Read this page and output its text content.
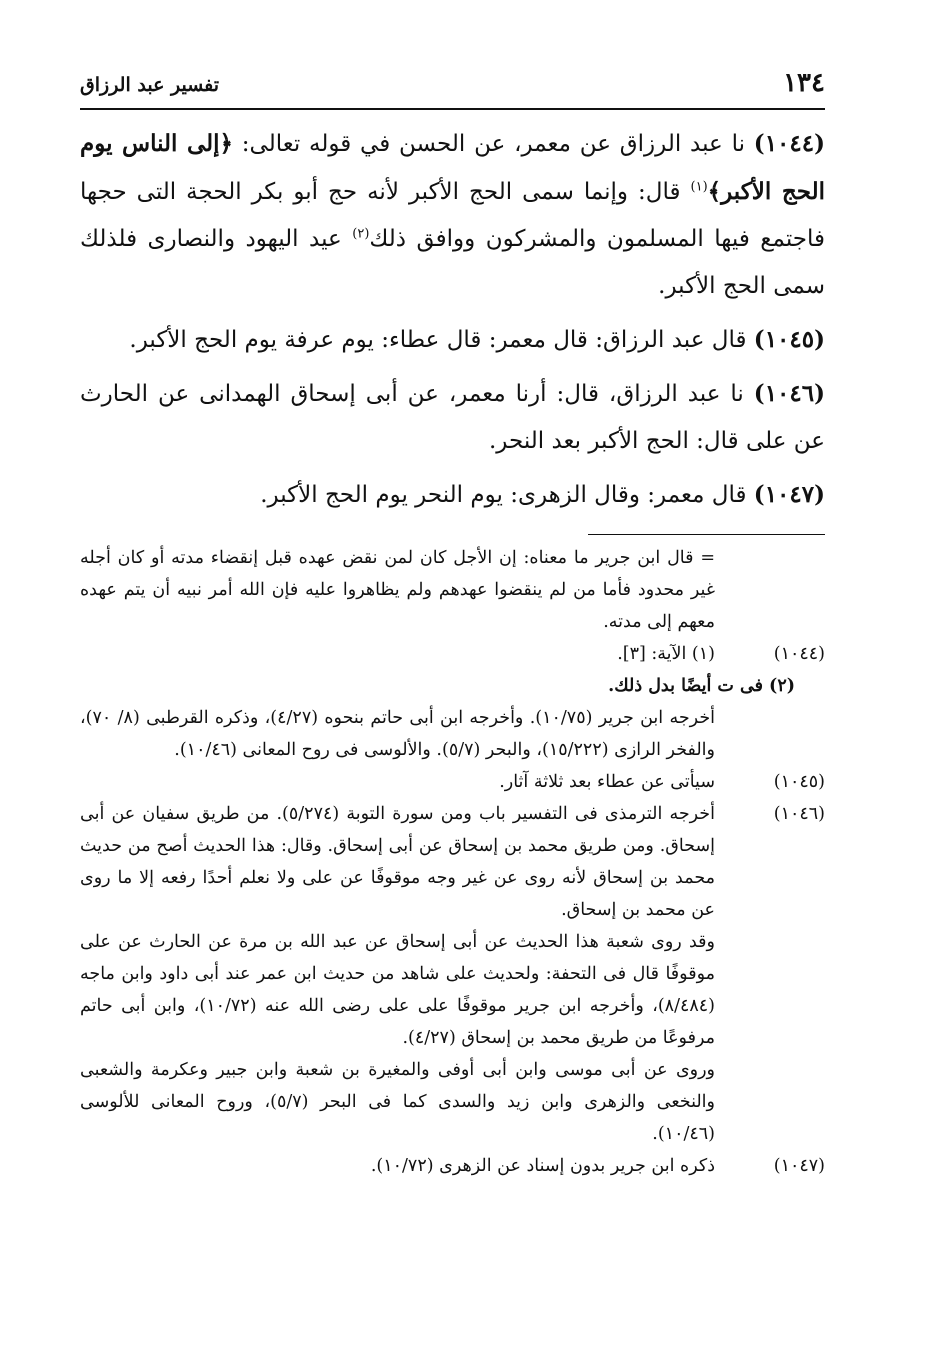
١٣٤
تفسير عبد الرزاق

(١٠٤٤) نا عبد الرزاق عن معمر، عن الحسن في قوله تعالى: ﴿إلى الناس يوم الحج الأكبر﴾$^{(١)}$ قال: وإنما سمى الحج الأكبر لأنه حج أبو بكر الحجة التى حجها فاجتمع فيها المسلمون والمشركون ووافق ذلك$^{(٢)}$ عيد اليهود والنصارى فلذلك سمى الحج الأكبر.

(١٠٤٥) قال عبد الرزاق: قال معمر: قال عطاء: يوم عرفة يوم الحج الأكبر.

(١٠٤٦) نا عبد الرزاق، قال: أرنا معمر، عن أبى إسحاق الهمدانى عن الحارث عن على قال: الحج الأكبر بعد النحر.

(١٠٤٧) قال معمر: وقال الزهرى: يوم النحر يوم الحج الأكبر.

= قال ابن جرير ما معناه: إن الأجل كان لمن نقض عهده قبل إنقضاء مدته أو كان أجله غير محدود فأما من لم ينقضوا عهدهم ولم يظاهروا عليه فإن الله أمر نبيه أن يتم عهده معهم إلى مدته.
(١٠٤٤)
(١) الآية: [٣].
(٢) فى ت أيضًا بدل ذلك.
أخرجه ابن جرير (١٠/٧٥). وأخرجه ابن أبى حاتم بنحوه (٤/٢٧)، وذكره القرطبى (٨/ ٧٠)، والفخر الرازى (١٥/٢٢٢)، والبحر (٥/٧). والألوسى فى روح المعانى (١٠/٤٦).
(١٠٤٥)
سيأتى عن عطاء بعد ثلاثة آثار.
(١٠٤٦)
أخرجه الترمذى فى التفسير باب ومن سورة التوبة (٥/٢٧٤). من طريق سفيان عن أبى إسحاق. ومن طريق محمد بن إسحاق عن أبى إسحاق. وقال: هذا الحديث أصح من حديث محمد بن إسحاق لأنه روى عن غير وجه موقوفًا عن على ولا نعلم أحدًا رفعه إلا ما روى عن محمد بن إسحاق.
وقد روى شعبة هذا الحديث عن أبى إسحاق عن عبد الله بن مرة عن الحارث عن على موقوفًا قال فى التحفة: ولحديث على شاهد من حديث ابن عمر عند أبى داود وابن ماجه (٨/٤٨٤)، وأخرجه ابن جرير موقوفًا على على رضى الله عنه (١٠/٧٢)، وابن أبى حاتم مرفوعًا من طريق محمد بن إسحاق (٤/٢٧).
وروى عن أبى موسى وابن أبى أوفى والمغيرة بن شعبة وابن جبير وعكرمة والشعبى والنخعى والزهرى وابن زيد والسدى كما فى البحر (٥/٧)، وروح المعانى للألوسى (١٠/٤٦).
(١٠٤٧)
ذكره ابن جرير بدون إسناد عن الزهرى (١٠/٧٢).
